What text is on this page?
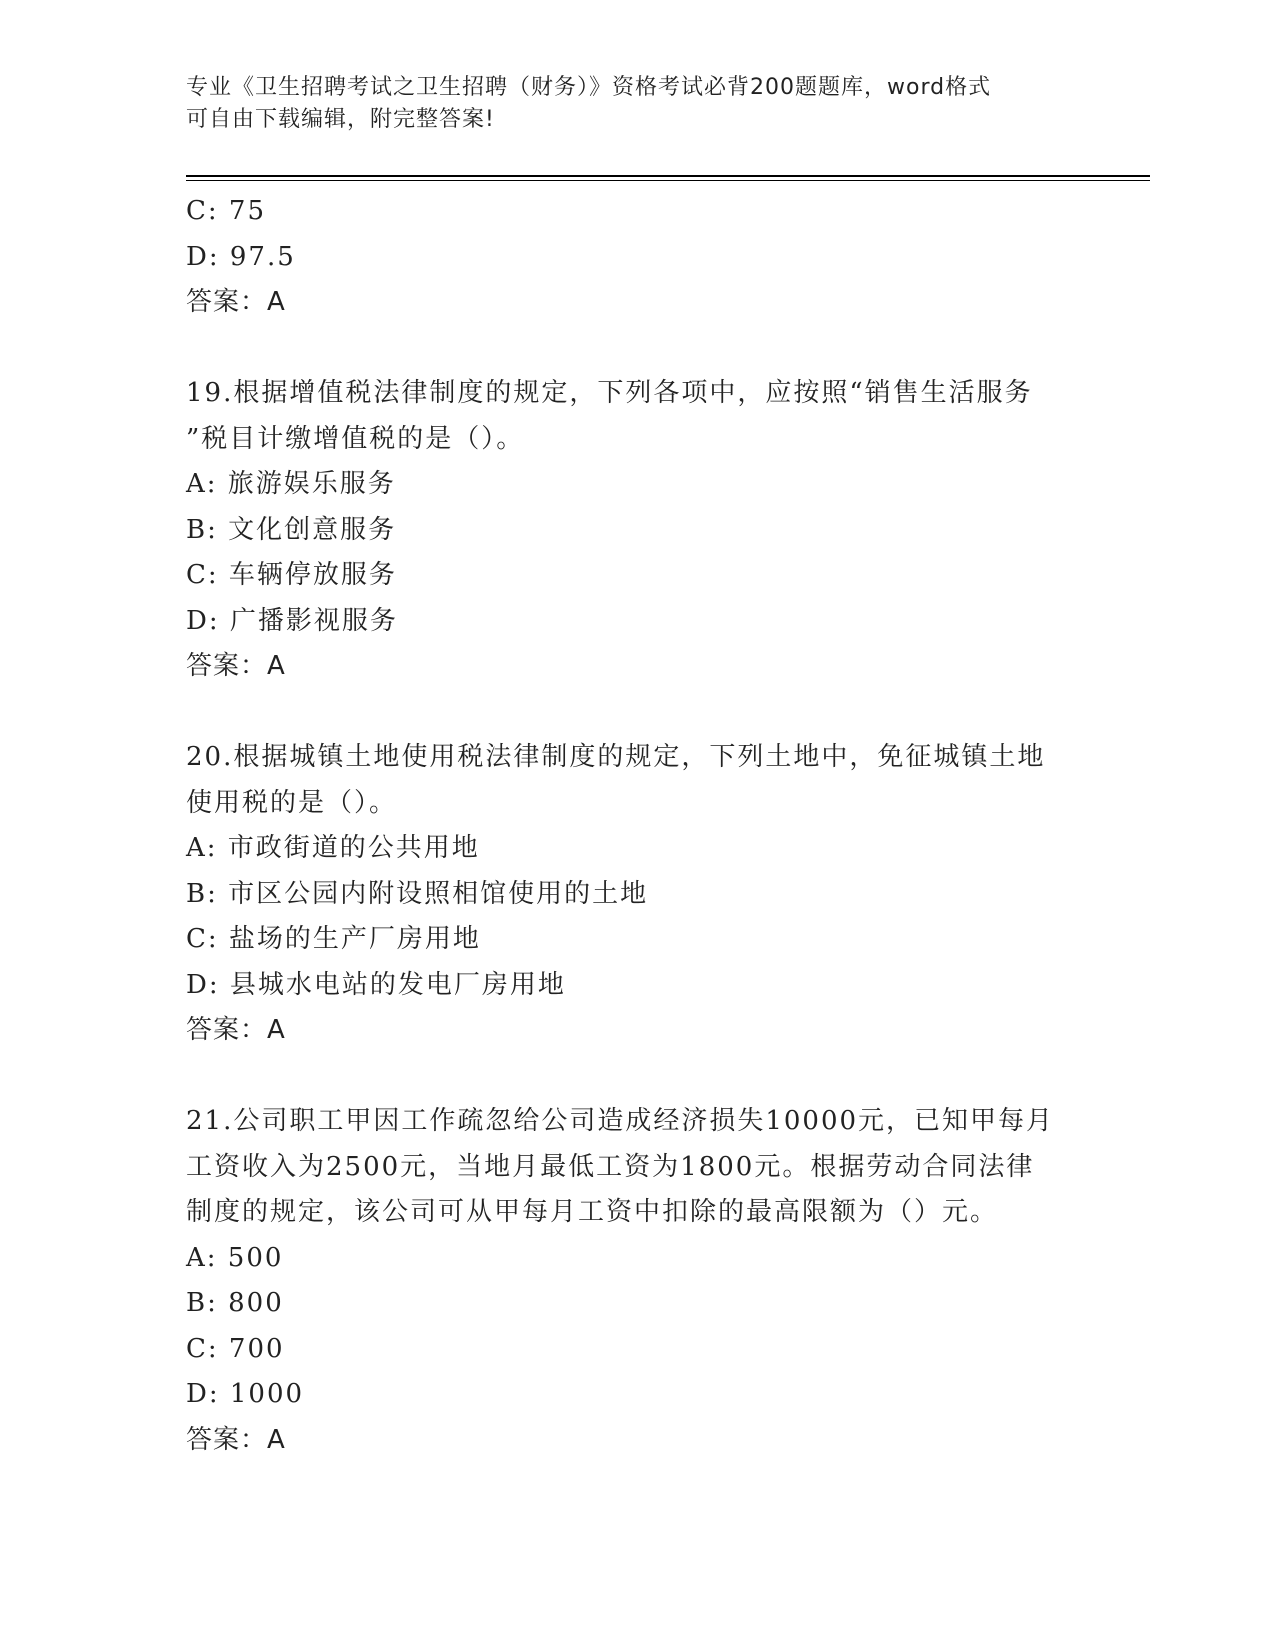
专业《卫生招聘考试之卫生招聘（财务）》资格考试必背200题题库，word格式
可自由下载编辑，附完整答案!
C: 75
D: 97.5
答案：A
19.根据增值税法律制度的规定，下列各项中，应按照“销售生活服务
”税目计缴增值税的是（）。
A: 旅游娱乐服务
B: 文化创意服务
C: 车辆停放服务
D: 广播影视服务
答案：A
20.根据城镇土地使用税法律制度的规定，下列土地中，免征城镇土地
使用税的是（）。
A: 市政街道的公共用地
B: 市区公园内附设照相馆使用的土地
C: 盐场的生产厂房用地
D: 县城水电站的发电厂房用地
答案：A
21.公司职工甲因工作疏忽给公司造成经济损失10000元，已知甲每月
工资收入为2500元，当地月最低工资为1800元。根据劳动合同法律
制度的规定，该公司可从甲每月工资中扣除的最高限额为（）元。
A: 500
B: 800
C: 700
D: 1000
答案：A
